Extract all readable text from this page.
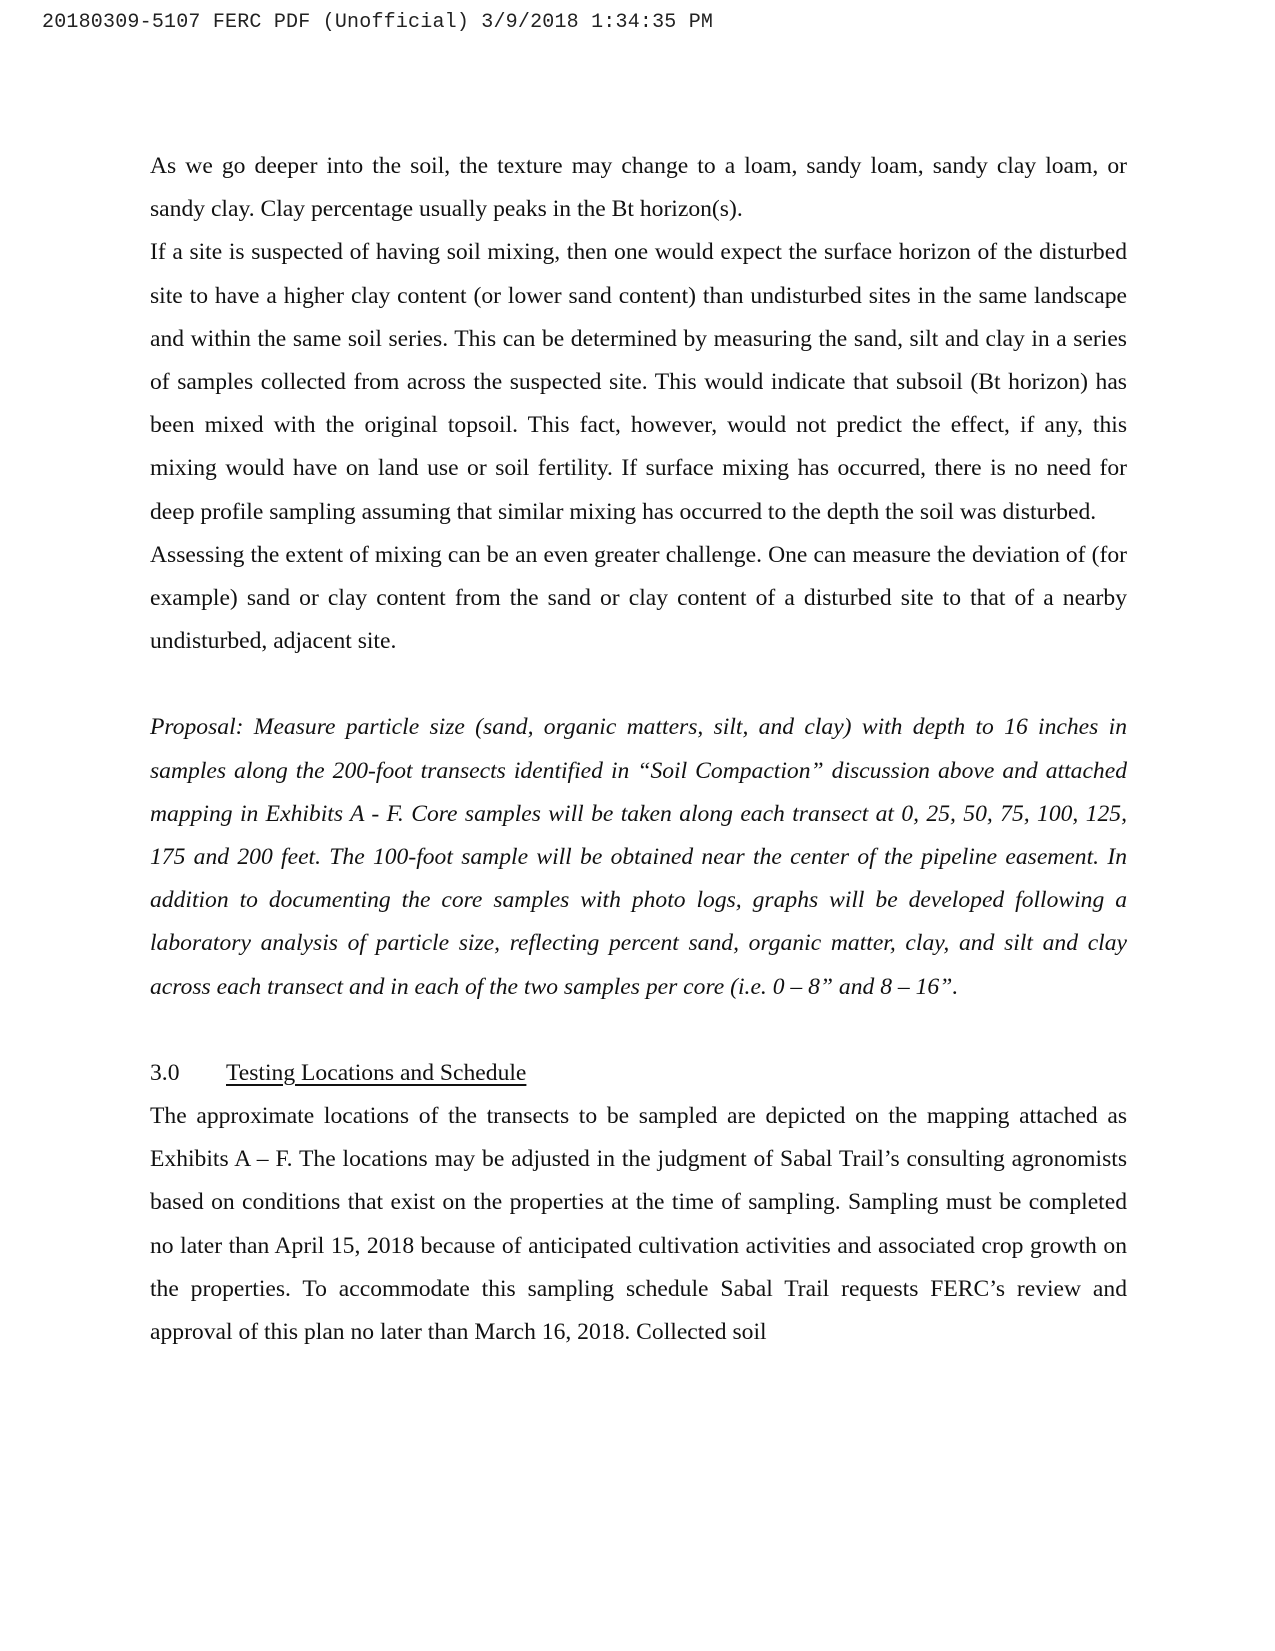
20180309-5107 FERC PDF (Unofficial) 3/9/2018 1:34:35 PM

As we go deeper into the soil, the texture may change to a loam, sandy loam, sandy clay loam, or sandy clay. Clay percentage usually peaks in the Bt horizon(s).

If a site is suspected of having soil mixing, then one would expect the surface horizon of the disturbed site to have a higher clay content (or lower sand content) than undisturbed sites in the same landscape and within the same soil series. This can be determined by measuring the sand, silt and clay in a series of samples collected from across the suspected site. This would indicate that subsoil (Bt horizon) has been mixed with the original topsoil. This fact, however, would not predict the effect, if any, this mixing would have on land use or soil fertility. If surface mixing has occurred, there is no need for deep profile sampling assuming that similar mixing has occurred to the depth the soil was disturbed.

Assessing the extent of mixing can be an even greater challenge. One can measure the deviation of (for example) sand or clay content from the sand or clay content of a disturbed site to that of a nearby undisturbed, adjacent site.

Proposal: Measure particle size (sand, organic matters, silt, and clay) with depth to 16 inches in samples along the 200-foot transects identified in “Soil Compaction” discussion above and attached mapping in Exhibits A - F. Core samples will be taken along each transect at 0, 25, 50, 75, 100, 125, 175 and 200 feet. The 100-foot sample will be obtained near the center of the pipeline easement. In addition to documenting the core samples with photo logs, graphs will be developed following a laboratory analysis of particle size, reflecting percent sand, organic matter, clay, and silt and clay across each transect and in each of the two samples per core (i.e. 0 – 8” and 8 – 16”.

3.0 Testing Locations and Schedule

The approximate locations of the transects to be sampled are depicted on the mapping attached as Exhibits A – F. The locations may be adjusted in the judgment of Sabal Trail’s consulting agronomists based on conditions that exist on the properties at the time of sampling. Sampling must be completed no later than April 15, 2018 because of anticipated cultivation activities and associated crop growth on the properties. To accommodate this sampling schedule Sabal Trail requests FERC’s review and approval of this plan no later than March 16, 2018. Collected soil
